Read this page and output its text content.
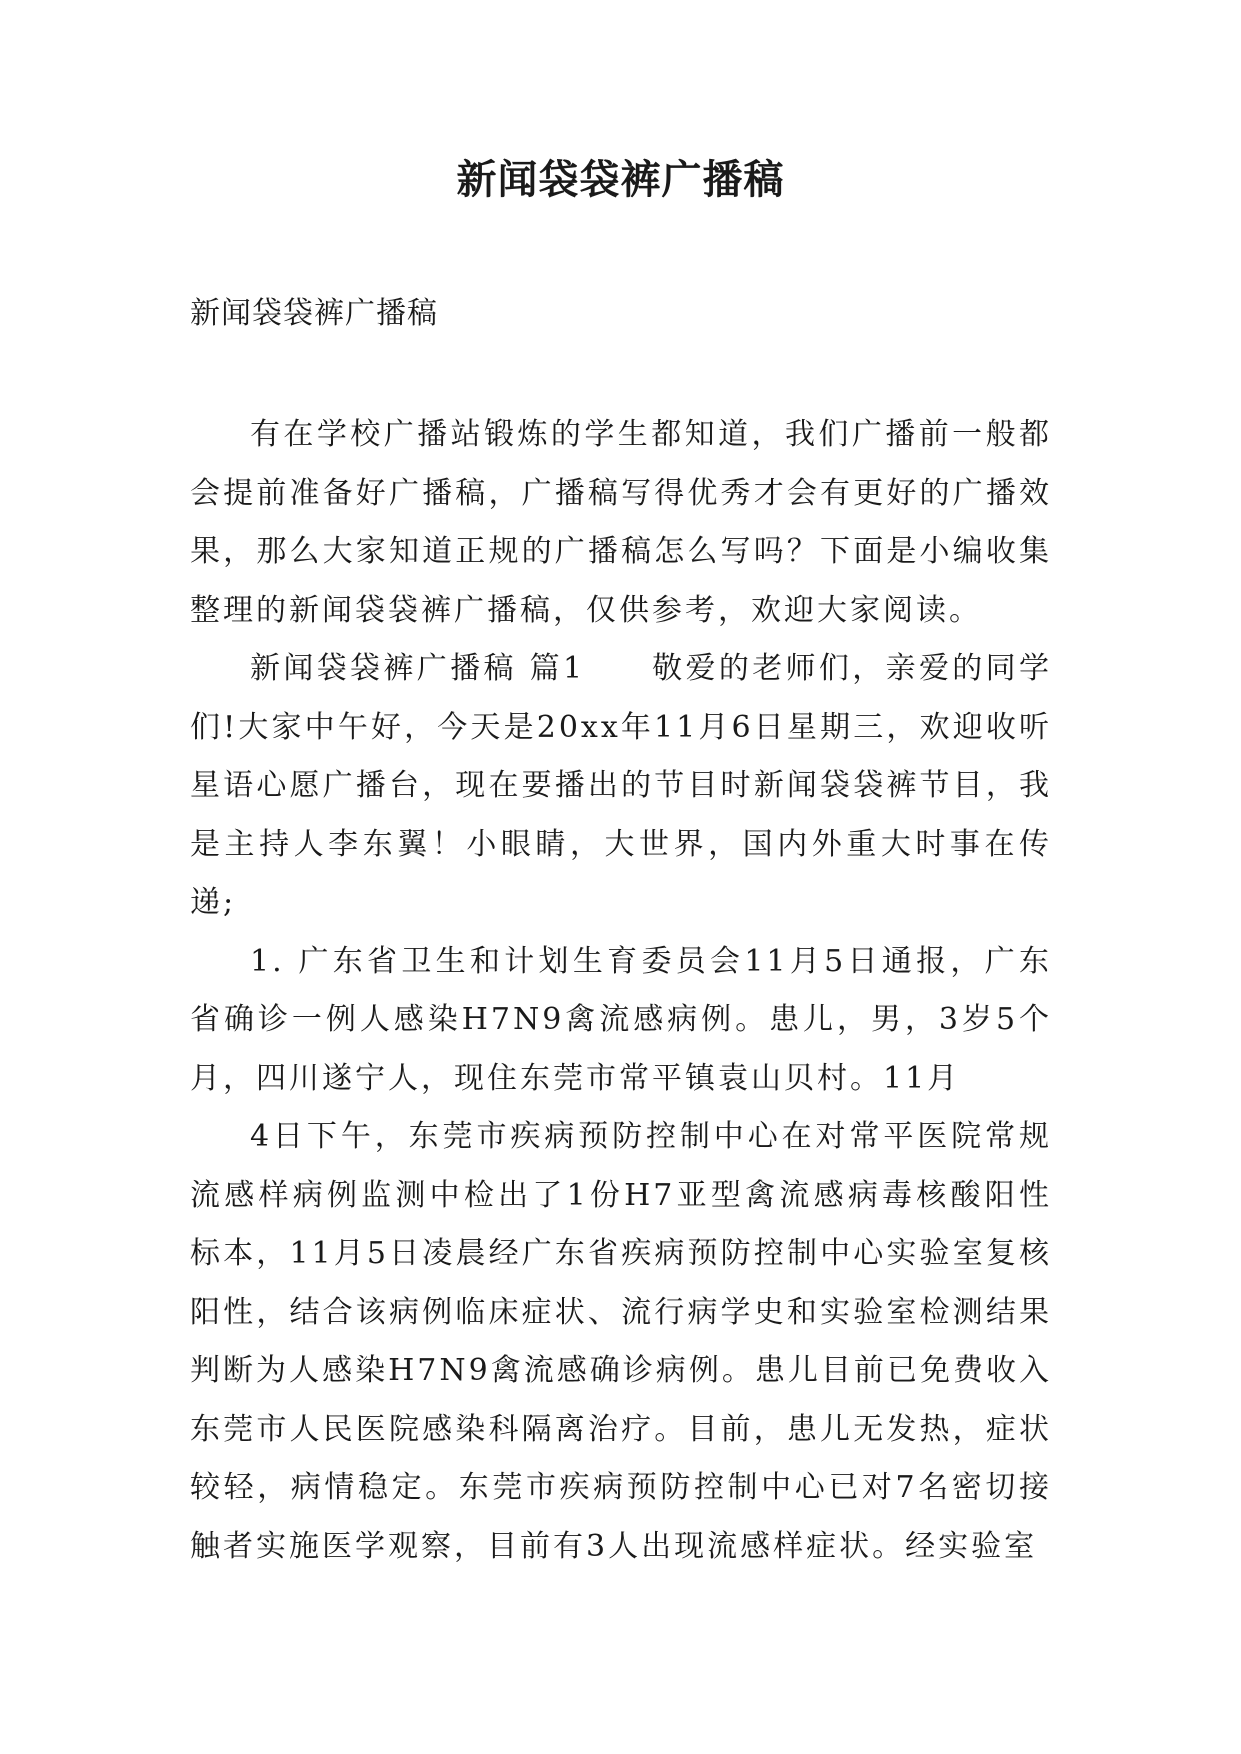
新闻袋袋裤广播稿
新闻袋袋裤广播稿

有在学校广播站锻炼的学生都知道，我们广播前一般都会提前准备好广播稿，广播稿写得优秀才会有更好的广播效果，那么大家知道正规的广播稿怎么写吗？下面是小编收集整理的新闻袋袋裤广播稿，仅供参考，欢迎大家阅读。

新闻袋袋裤广播稿 篇1　　敬爱的老师们，亲爱的同学们!大家中午好，今天是20xx年11月6日星期三，欢迎收听星语心愿广播台，现在要播出的节目时新闻袋袋裤节目，我是主持人李东翼！小眼睛，大世界，国内外重大时事在传递;

1. 广东省卫生和计划生育委员会11月5日通报，广东省确诊一例人感染H7N9禽流感病例。患儿，男，3岁5个月，四川遂宁人，现住东莞市常平镇袁山贝村。11月

4日下午，东莞市疾病预防控制中心在对常平医院常规流感样病例监测中检出了1份H7亚型禽流感病毒核酸阳性标本，11月5日凌晨经广东省疾病预防控制中心实验室复核阳性，结合该病例临床症状、流行病学史和实验室检测结果判断为人感染H7N9禽流感确诊病例。患儿目前已免费收入东莞市人民医院感染科隔离治疗。目前，患儿无发热，症状较轻，病情稳定。东莞市疾病预防控制中心已对7名密切接触者实施医学观察，目前有3人出现流感样症状。经实验室
